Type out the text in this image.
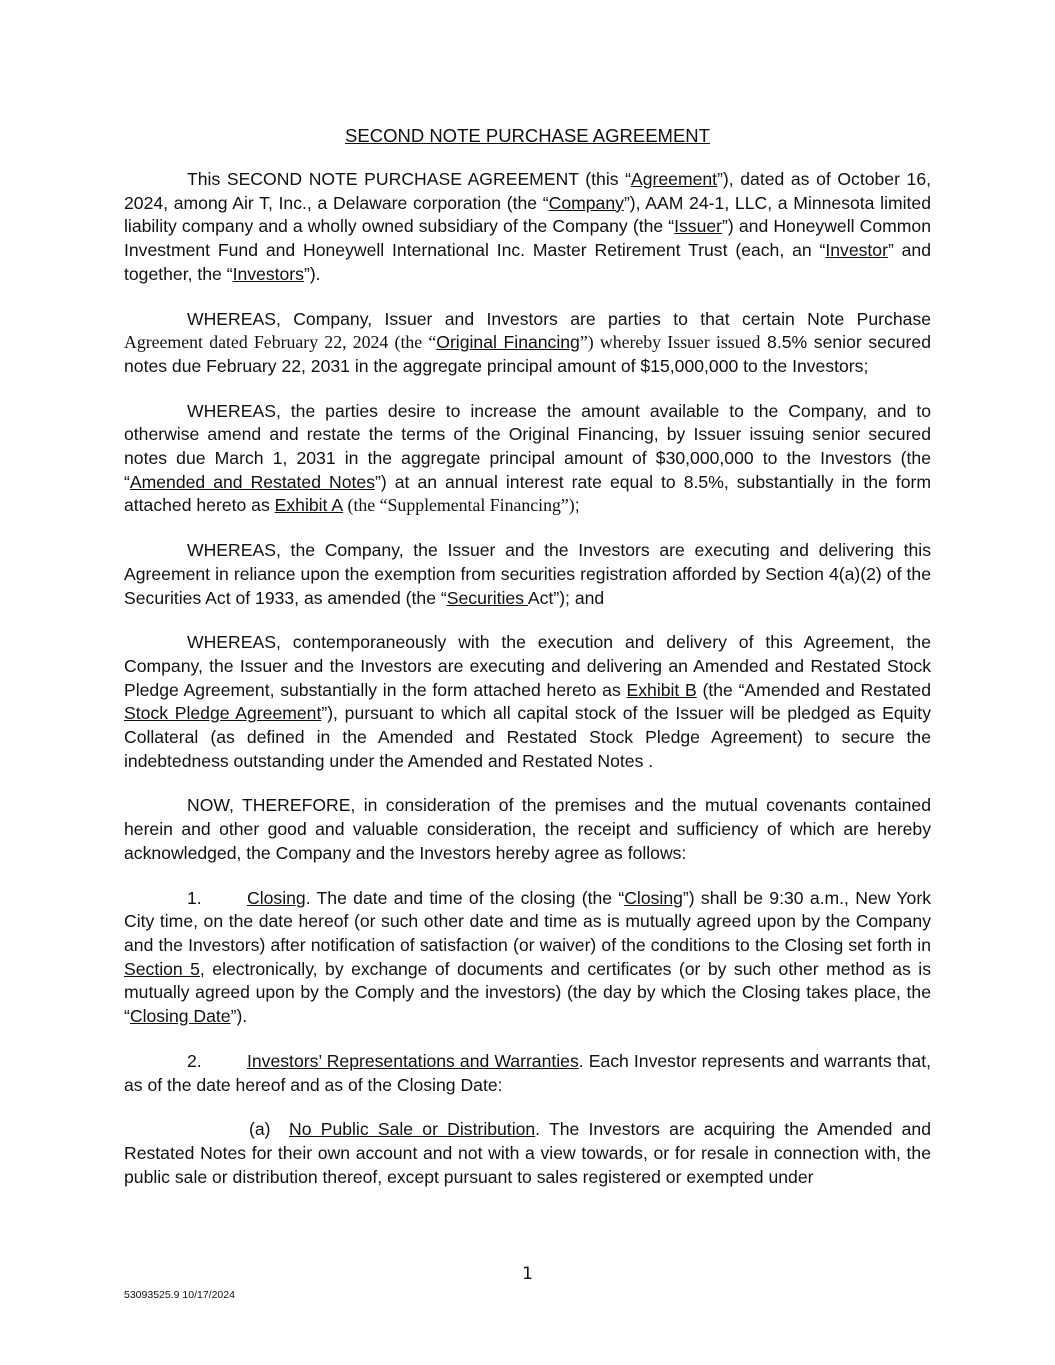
SECOND NOTE PURCHASE AGREEMENT

This SECOND NOTE PURCHASE AGREEMENT (this “Agreement”), dated as of October 16, 2024, among Air T, Inc., a Delaware corporation (the “Company”), AAM 24-1, LLC, a Minnesota limited liability company and a wholly owned subsidiary of the Company (the “Issuer”) and Honeywell Common Investment Fund and Honeywell International Inc. Master Retirement Trust (each, an “Investor” and together, the “Investors”).

WHEREAS, Company, Issuer and Investors are parties to that certain Note Purchase Agreement dated February 22, 2024 (the “Original Financing”) whereby Issuer issued 8.5% senior secured notes due February 22, 2031 in the aggregate principal amount of $15,000,000 to the Investors;

WHEREAS, the parties desire to increase the amount available to the Company, and to otherwise amend and restate the terms of the Original Financing, by Issuer issuing senior secured notes due March 1, 2031 in the aggregate principal amount of $30,000,000 to the Investors (the “Amended and Restated Notes”) at an annual interest rate equal to 8.5%, substantially in the form attached hereto as Exhibit A (the “Supplemental Financing”);

WHEREAS, the Company, the Issuer and the Investors are executing and delivering this Agreement in reliance upon the exemption from securities registration afforded by Section 4(a)(2) of the Securities Act of 1933, as amended (the “Securities Act”); and

WHEREAS, contemporaneously with the execution and delivery of this Agreement, the Company, the Issuer and the Investors are executing and delivering an Amended and Restated Stock Pledge Agreement, substantially in the form attached hereto as Exhibit B (the “Amended and Restated Stock Pledge Agreement”), pursuant to which all capital stock of the Issuer will be pledged as Equity Collateral (as defined in the Amended and Restated Stock Pledge Agreement) to secure the indebtedness outstanding under the Amended and Restated Notes .

NOW, THEREFORE, in consideration of the premises and the mutual covenants contained herein and other good and valuable consideration, the receipt and sufficiency of which are hereby acknowledged, the Company and the Investors hereby agree as follows:

1.	Closing. The date and time of the closing (the “Closing”) shall be 9:30 a.m., New York City time, on the date hereof (or such other date and time as is mutually agreed upon by the Company and the Investors) after notification of satisfaction (or waiver) of the conditions to the Closing set forth in Section 5, electronically, by exchange of documents and certificates (or by such other method as is mutually agreed upon by the Comply and the investors) (the day by which the Closing takes place, the “Closing Date”).

2.	Investors’ Representations and Warranties. Each Investor represents and warrants that, as of the date hereof and as of the Closing Date:

(a) No Public Sale or Distribution. The Investors are acquiring the Amended and Restated Notes for their own account and not with a view towards, or for resale in connection with, the public sale or distribution thereof, except pursuant to sales registered or exempted under

1
53093525.9 10/17/2024
